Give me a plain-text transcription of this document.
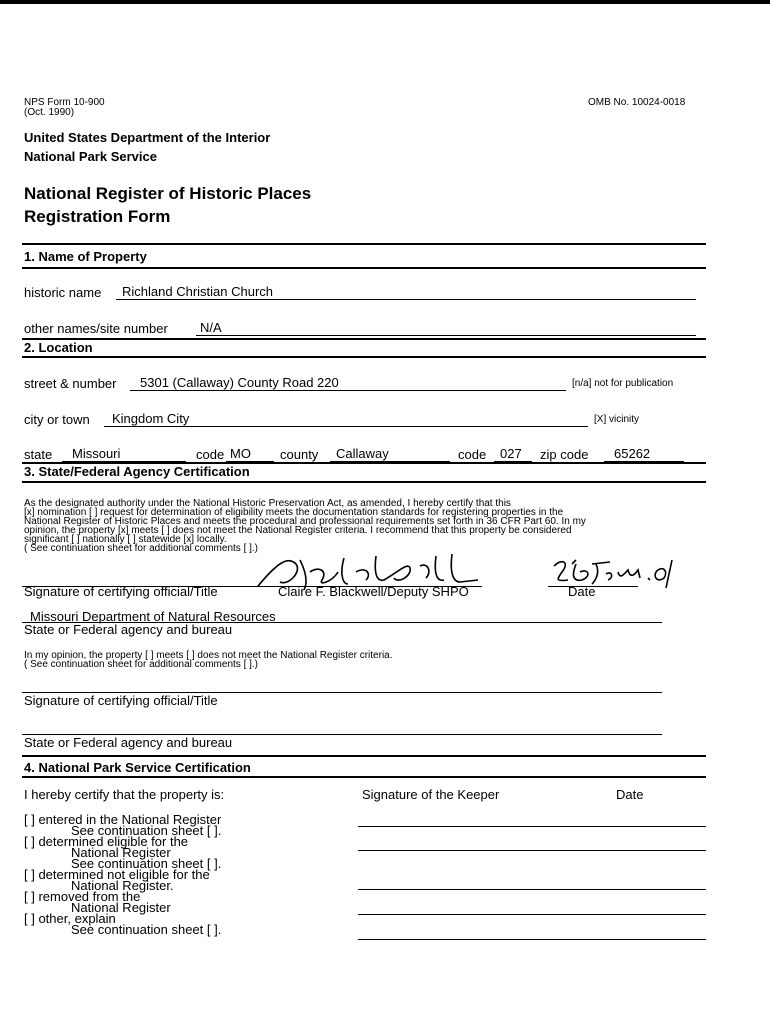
NPS Form 10-900
(Oct. 1990)
OMB No. 10024-0018
United States Department of the Interior
National Park Service
National Register of Historic Places
Registration Form
1. Name of Property
historic name Richland Christian Church
other names/site number N/A
2. Location
street & number 5301 (Callaway) County Road 220	[n/a] not for publication
city or town Kingdom City	[X] vicinity
state Missouri	code MO county Callaway	code 027 zip code 65262
3. State/Federal Agency Certification
As the designated authority under the National Historic Preservation Act, as amended, I hereby certify that this
[x] nomination [ ] request for determination of eligibility meets the documentation standards for registering properties in the
National Register of Historic Places and meets the procedural and professional requirements set forth in 36 CFR Part 60. In my
opinion, the property [x] meets [ ] does not meet the National Register criteria. I recommend that this property be considered
significant [ ] nationally [ ] statewide [x] locally.
( See continuation sheet for additional comments [ ].)
Signature of certifying official/Title	Claire F. Blackwell/Deputy SHPO	Date
Missouri Department of Natural Resources
State or Federal agency and bureau
In my opinion, the property [ ] meets [ ] does not meet the National Register criteria.
( See continuation sheet for additional comments [ ].)
Signature of certifying official/Title
State or Federal agency and bureau
4. National Park Service Certification
I hereby certify that the property is:	Signature of the Keeper	Date
[ ] entered in the National Register
See continuation sheet [ ].
[ ] determined eligible for the
National Register
See continuation sheet [ ].
[ ] determined not eligible for the
National Register.
[ ] removed from the
National Register
[ ] other, explain
See continuation sheet [ ].
